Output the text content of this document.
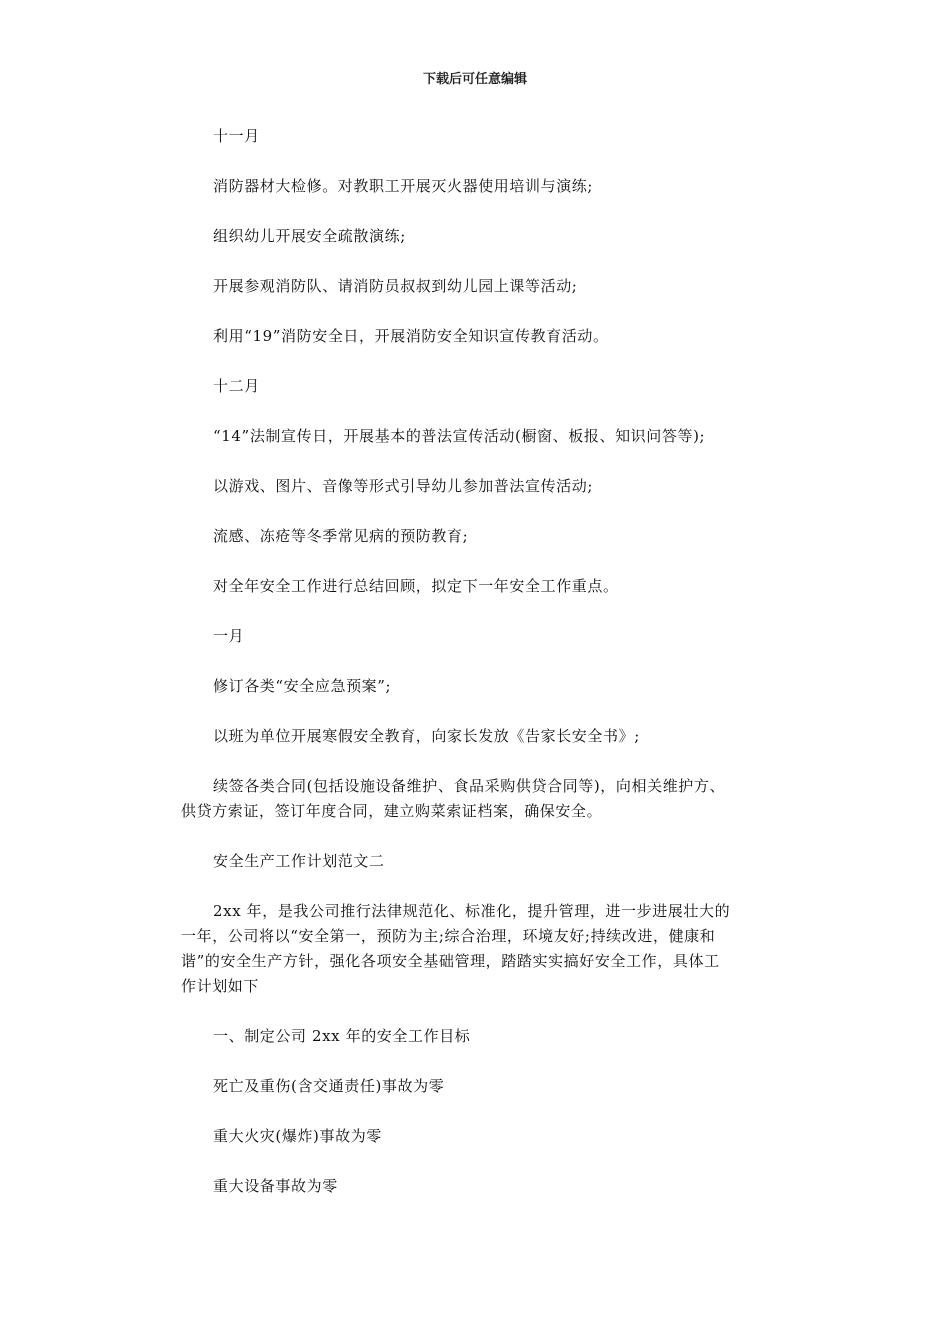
下载后可任意编辑
十一月
消防器材大检修。对教职工开展灭火器使用培训与演练;
组织幼儿开展安全疏散演练;
开展参观消防队、请消防员叔叔到幼儿园上课等活动;
利用“19”消防安全日，开展消防安全知识宣传教育活动。
十二月
“14”法制宣传日，开展基本的普法宣传活动(橱窗、板报、知识问答等);
以游戏、图片、音像等形式引导幼儿参加普法宣传活动;
流感、冻疮等冬季常见病的预防教育;
对全年安全工作进行总结回顾，拟定下一年安全工作重点。
一月
修订各类“安全应急预案”;
以班为单位开展寒假安全教育，向家长发放《告家长安全书》;
续签各类合同(包括设施设备维护、食品采购供贷合同等)，向相关维护方、
供贷方索证，签订年度合同，建立购菜索证档案，确保安全。
安全生产工作计划范文二
2xx 年，是我公司推行法律规范化、标准化，提升管理，进一步进展壮大的
一年，公司将以“安全第一，预防为主;综合治理，环境友好;持续改进，健康和
谐”的安全生产方针，强化各项安全基础管理，踏踏实实搞好安全工作，具体工
作计划如下
一、制定公司 2xx 年的安全工作目标
死亡及重伤(含交通责任)事故为零
重大火灾(爆炸)事故为零
重大设备事故为零
